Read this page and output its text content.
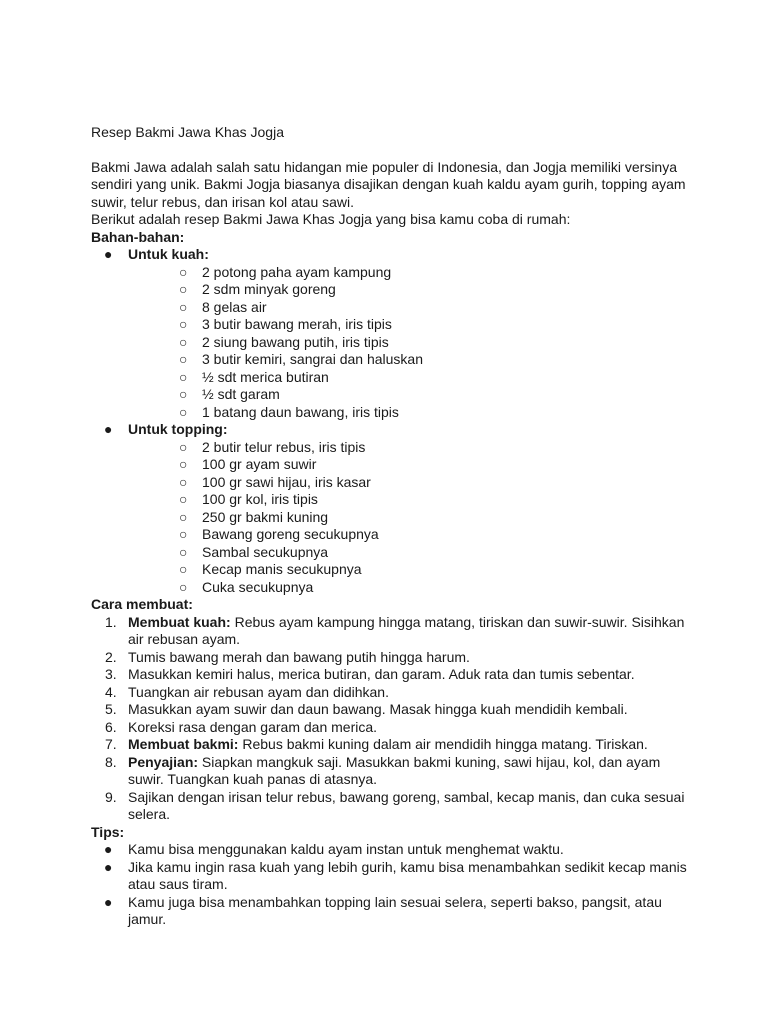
Resep Bakmi Jawa Khas Jogja

Bakmi Jawa adalah salah satu hidangan mie populer di Indonesia, dan Jogja memiliki versinya sendiri yang unik. Bakmi Jogja biasanya disajikan dengan kuah kaldu ayam gurih, topping ayam suwir, telur rebus, dan irisan kol atau sawi.

Berikut adalah resep Bakmi Jawa Khas Jogja yang bisa kamu coba di rumah:

Bahan-bahan:

● Untuk kuah:
○ 2 potong paha ayam kampung
○ 2 sdm minyak goreng
○ 8 gelas air
○ 3 butir bawang merah, iris tipis
○ 2 siung bawang putih, iris tipis
○ 3 butir kemiri, sangrai dan haluskan
○ ½ sdt merica butiran
○ ½ sdt garam
○ 1 batang daun bawang, iris tipis
● Untuk topping:
○ 2 butir telur rebus, iris tipis
○ 100 gr ayam suwir
○ 100 gr sawi hijau, iris kasar
○ 100 gr kol, iris tipis
○ 250 gr bakmi kuning
○ Bawang goreng secukupnya
○ Sambal secukupnya
○ Kecap manis secukupnya
○ Cuka secukupnya

Cara membuat:

1. Membuat kuah: Rebus ayam kampung hingga matang, tiriskan dan suwir-suwir. Sisihkan air rebusan ayam.
2. Tumis bawang merah dan bawang putih hingga harum.
3. Masukkan kemiri halus, merica butiran, dan garam. Aduk rata dan tumis sebentar.
4. Tuangkan air rebusan ayam dan didihkan.
5. Masukkan ayam suwir dan daun bawang. Masak hingga kuah mendidih kembali.
6. Koreksi rasa dengan garam dan merica.
7. Membuat bakmi: Rebus bakmi kuning dalam air mendidih hingga matang. Tiriskan.
8. Penyajian: Siapkan mangkuk saji. Masukkan bakmi kuning, sawi hijau, kol, dan ayam suwir. Tuangkan kuah panas di atasnya.
9. Sajikan dengan irisan telur rebus, bawang goreng, sambal, kecap manis, dan cuka sesuai selera.

Tips:

● Kamu bisa menggunakan kaldu ayam instan untuk menghemat waktu.
● Jika kamu ingin rasa kuah yang lebih gurih, kamu bisa menambahkan sedikit kecap manis atau saus tiram.
● Kamu juga bisa menambahkan topping lain sesuai selera, seperti bakso, pangsit, atau jamur.
